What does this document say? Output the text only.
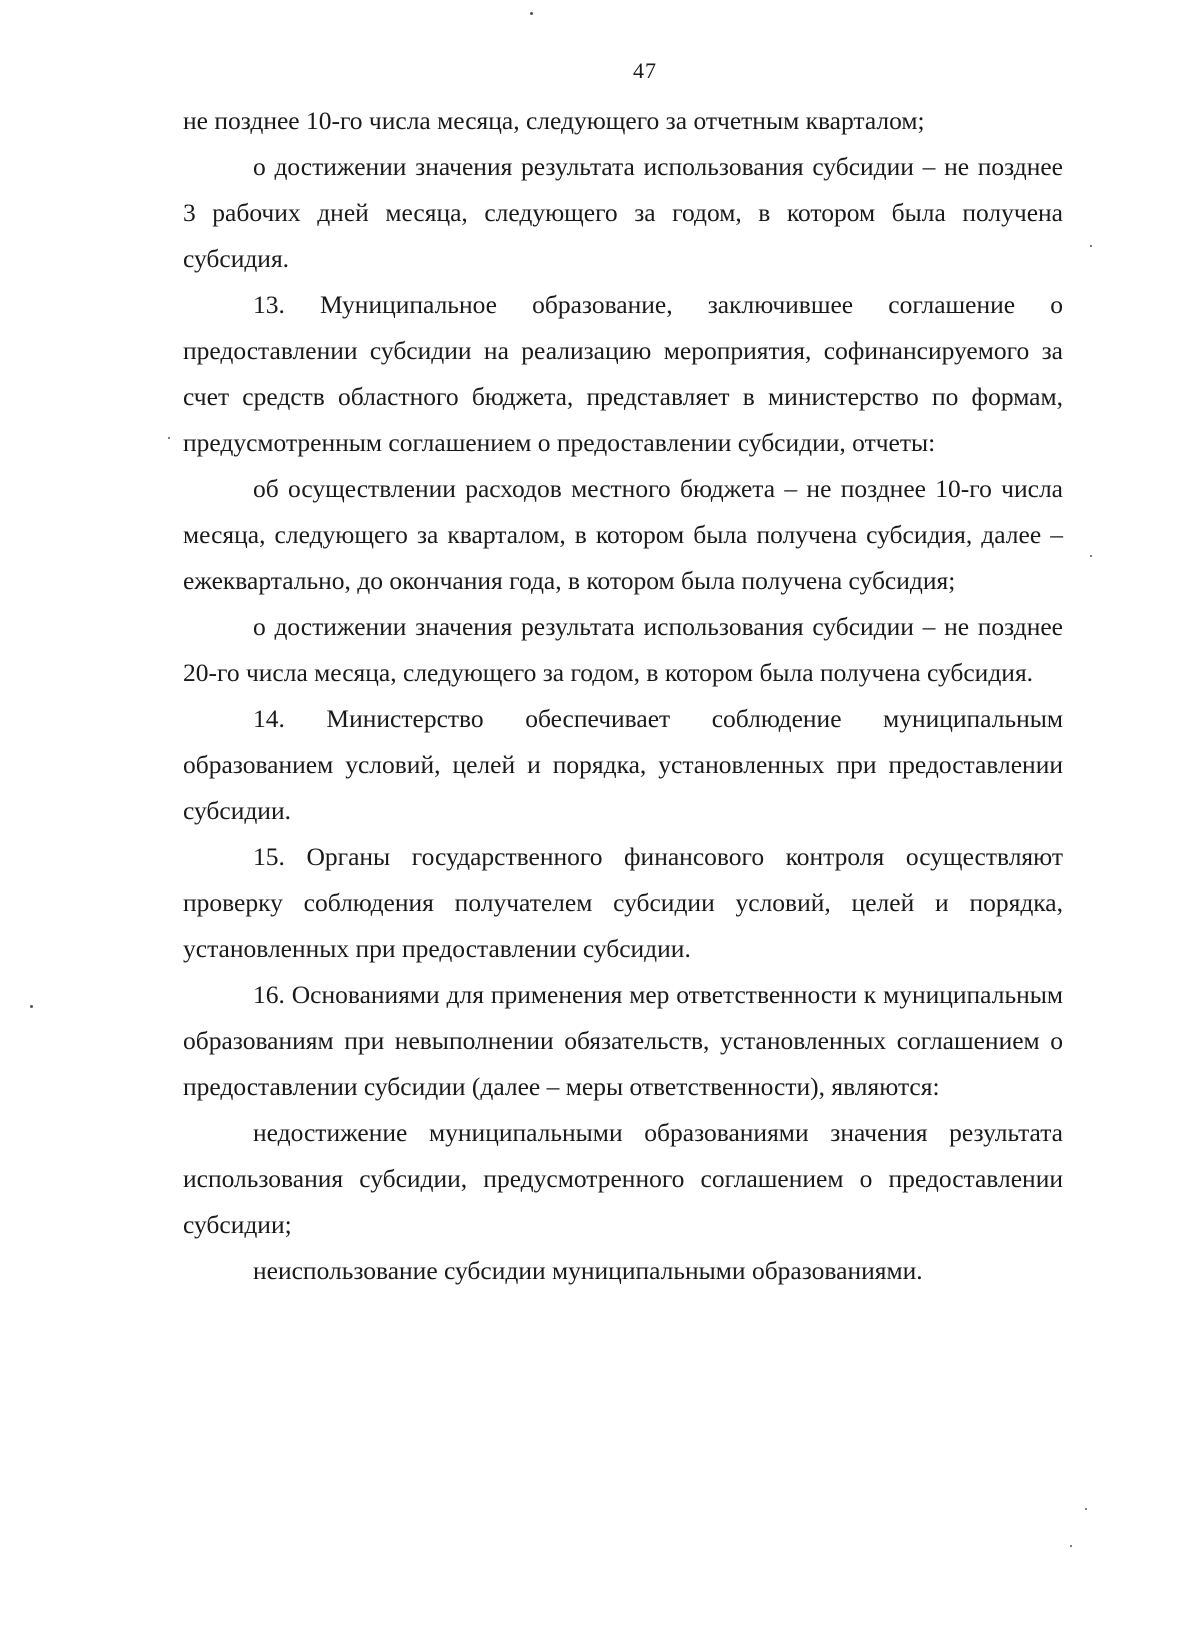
47

не позднее 10-го числа месяца, следующего за отчетным кварталом;

о достижении значения результата использования субсидии – не позднее 3 рабочих дней месяца, следующего за годом, в котором была получена субсидия.

13. Муниципальное образование, заключившее соглашение о предоставлении субсидии на реализацию мероприятия, софинансируемого за счет средств областного бюджета, представляет в министерство по формам, предусмотренным соглашением о предоставлении субсидии, отчеты:

об осуществлении расходов местного бюджета – не позднее 10-го числа месяца, следующего за кварталом, в котором была получена субсидия, далее – ежеквартально, до окончания года, в котором была получена субсидия;

о достижении значения результата использования субсидии – не позднее 20-го числа месяца, следующего за годом, в котором была получена субсидия.

14. Министерство обеспечивает соблюдение муниципальным образованием условий, целей и порядка, установленных при предоставлении субсидии.

15. Органы государственного финансового контроля осуществляют проверку соблюдения получателем субсидии условий, целей и порядка, установленных при предоставлении субсидии.

16. Основаниями для применения мер ответственности к муниципальным образованиям при невыполнении обязательств, установленных соглашением о предоставлении субсидии (далее – меры ответственности), являются:

недостижение муниципальными образованиями значения результата использования субсидии, предусмотренного соглашением о предоставлении субсидии;

неиспользование субсидии муниципальными образованиями.
